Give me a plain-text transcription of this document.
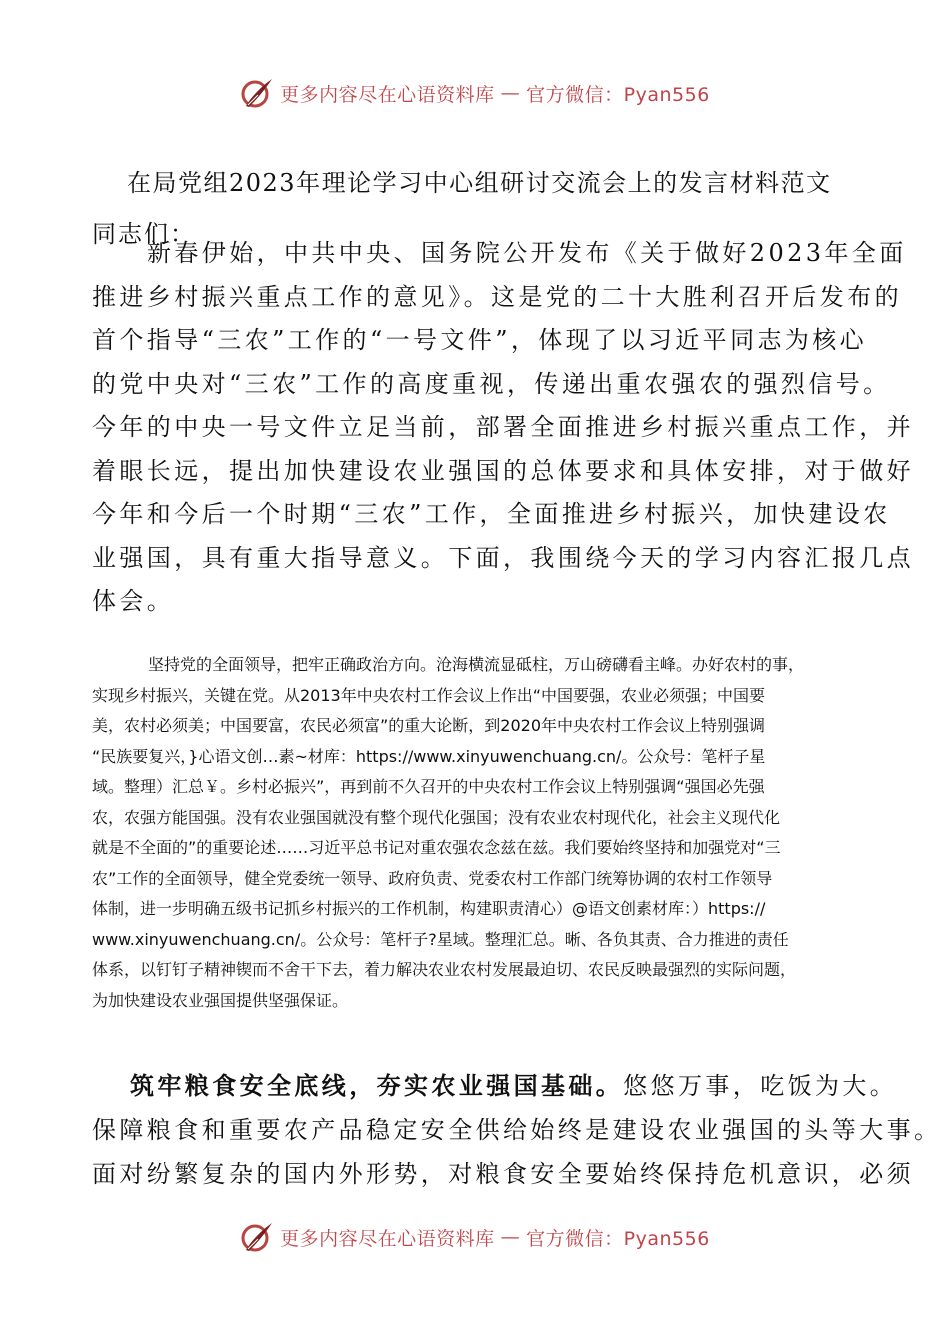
更多内容尽在心语资料库 — 官方微信：Pyan556
在局党组2023年理论学习中心组研讨交流会上的发言材料范文
同志们：
新春伊始，中共中央、国务院公开发布《关于做好2023年全面
推进乡村振兴重点工作的意见》。这是党的二十大胜利召开后发布的
首个指导“三农”工作的“一号文件”，体现了以习近平同志为核心
的党中央对“三农”工作的高度重视，传递出重农强农的强烈信号。
今年的中央一号文件立足当前，部署全面推进乡村振兴重点工作，并
着眼长远，提出加快建设农业强国的总体要求和具体安排，对于做好
今年和今后一个时期“三农”工作，全面推进乡村振兴，加快建设农
业强国，具有重大指导意义。下面，我围绕今天的学习内容汇报几点
体会。
坚持党的全面领导，把牢正确政治方向。沧海横流显砥柱，万山磅礴看主峰。办好农村的事，
实现乡村振兴，关键在党。从2013年中央农村工作会议上作出“中国要强，农业必须强；中国要
美，农村必须美；中国要富，农民必须富”的重大论断，到2020年中央农村工作会议上特别强调
“民族要复兴，}心语文创…素~材库：https://www.xinyuwenchuang.cn/。公众号：笔杆子星
域。整理）汇总￥。乡村必振兴”，再到前不久召开的中央农村工作会议上特别强调“强国必先强
农，农强方能国强。没有农业强国就没有整个现代化强国；没有农业农村现代化，社会主义现代化
就是不全面的”的重要论述……习近平总书记对重农强农念兹在兹。我们要始终坚持和加强党对“三
农”工作的全面领导，健全党委统一领导、政府负责、党委农村工作部门统筹协调的农村工作领导
体制，进一步明确五级书记抓乡村振兴的工作机制，构建职责清心）@语文创素材库：）https://
www.xinyuwenchuang.cn/。公众号：笔杆子?星域。整理汇总。晰、各负其责、合力推进的责任
体系，以钉钉子精神锲而不舍干下去，着力解决农业农村发展最迫切、农民反映最强烈的实际问题，
为加快建设农业强国提供坚强保证。
筑牢粮食安全底线，夯实农业强国基础。悠悠万事，吃饭为大。
保障粮食和重要农产品稳定安全供给始终是建设农业强国的头等大事。
面对纷繁复杂的国内外形势，对粮食安全要始终保持危机意识，必须
更多内容尽在心语资料库 — 官方微信：Pyan556
